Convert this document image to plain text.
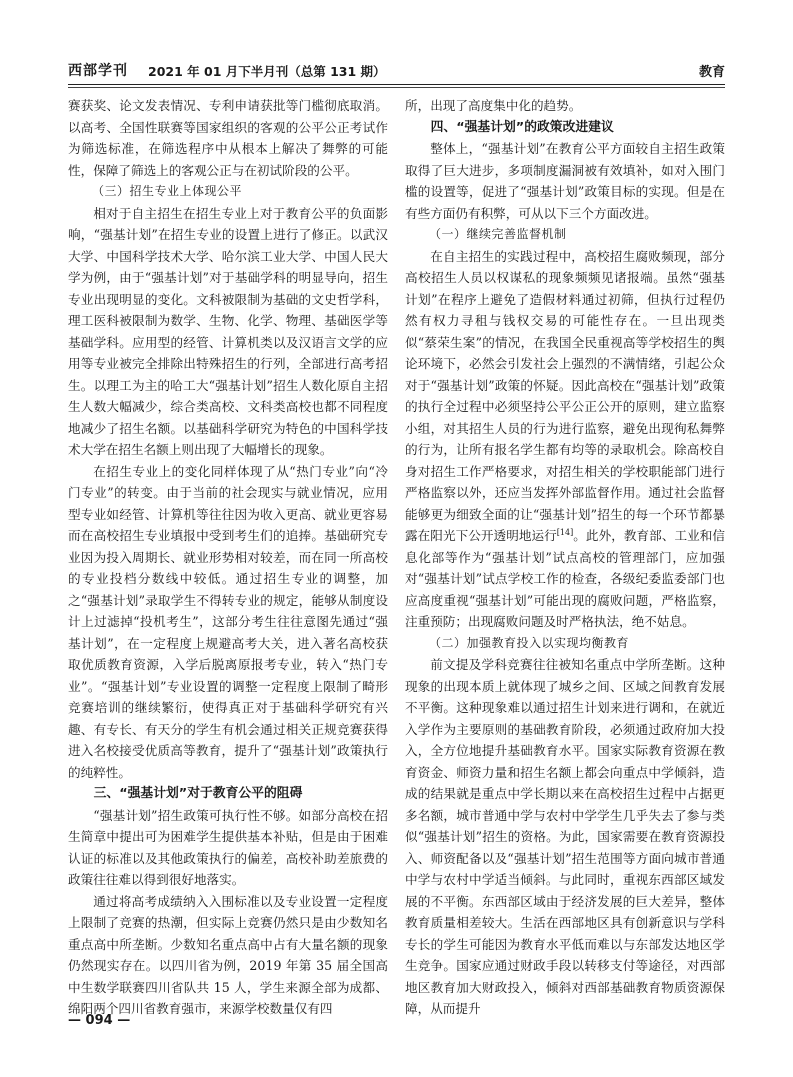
西部学刊 2021 年 01 月下半月刊（总第 131 期）	教育

赛获奖、论文发表情况、专利申请获批等门槛彻底取消。以高考、全国性联赛等国家组织的客观的公平公正考试作为筛选标准，在筛选程序中从根本上解决了舞弊的可能性，保障了筛选上的客观公正与在初试阶段的公平。

（三）招生专业上体现公平

相对于自主招生在招生专业上对于教育公平的负面影响，“强基计划”在招生专业的设置上进行了修正。以武汉大学、中国科学技术大学、哈尔滨工业大学、中国人民大学为例，由于“强基计划”对于基础学科的明显导向，招生专业出现明显的变化。文科被限制为基础的文史哲学科，理工医科被限制为数学、生物、化学、物理、基础医学等基础学科。应用型的经管、计算机类以及汉语言文学的应用等专业被完全排除出特殊招生的行列，全部进行高考招生。以理工为主的哈工大“强基计划”招生人数化原自主招生人数大幅减少，综合类高校、文科类高校也都不同程度地减少了招生名额。以基础科学研究为特色的中国科学技术大学在招生名额上则出现了大幅增长的现象。

在招生专业上的变化同样体现了从“热门专业”向“冷门专业”的转变。由于当前的社会现实与就业情况，应用型专业如经管、计算机等往往因为收入更高、就业更容易而在高校招生专业填报中受到考生们的追捧。基础研究专业因为投入周期长、就业形势相对较差，而在同一所高校的专业投档分数线中较低。通过招生专业的调整，加之“强基计划”录取学生不得转专业的规定，能够从制度设计上过滤掉“投机考生”，这部分考生往往意图先通过“强基计划”，在一定程度上规避高考大关，进入著名高校获取优质教育资源，入学后脱离原报考专业，转入“热门专业”。“强基计划”专业设置的调整一定程度上限制了畸形竞赛培训的继续繁衍，使得真正对于基础科学研究有兴趣、有专长、有天分的学生有机会通过相关正规竞赛获得进入名校接受优质高等教育，提升了“强基计划”政策执行的纯粹性。

三、“强基计划”对于教育公平的阻碍

“强基计划”招生政策可执行性不够。如部分高校在招生简章中提出可为困难学生提供基本补贴，但是由于困难认证的标准以及其他政策执行的偏差，高校补助差旅费的政策往往难以得到很好地落实。

通过将高考成绩纳入入围标准以及专业设置一定程度上限制了竞赛的热潮，但实际上竞赛仍然只是由少数知名重点高中所垄断。少数知名重点高中占有大量名额的现象仍然现实存在。以四川省为例，2019 年第 35 届全国高中生数学联赛四川省队共 15 人，学生来源全部为成都、绵阳两个四川省教育强市，来源学校数量仅有四

所，出现了高度集中化的趋势。

四、“强基计划”的政策改进建议

整体上，“强基计划”在教育公平方面较自主招生政策取得了巨大进步，多项制度漏洞被有效填补，如对入围门槛的设置等，促进了“强基计划”政策目标的实现。但是在有些方面仍有积弊，可从以下三个方面改进。

（一）继续完善监督机制

在自主招生的实践过程中，高校招生腐败频现，部分高校招生人员以权谋私的现象频频见诸报端。虽然“强基计划”在程序上避免了造假材料通过初筛，但执行过程仍然有权力寻租与钱权交易的可能性存在。一旦出现类似“蔡荣生案”的情况，在我国全民重视高等学校招生的舆论环境下，必然会引发社会上强烈的不满情绪，引起公众对于“强基计划”政策的怀疑。因此高校在“强基计划”政策的执行全过程中必须坚持公平公正公开的原则，建立监察小组，对其招生人员的行为进行监察，避免出现徇私舞弊的行为，让所有报名学生都有均等的录取机会。除高校自身对招生工作严格要求，对招生相关的学校职能部门进行严格监察以外，还应当发挥外部监督作用。通过社会监督能够更为细致全面的让“强基计划”招生的每一个环节都暴露在阳光下公开透明地运行[14]。此外，教育部、工业和信息化部等作为“强基计划”试点高校的管理部门，应加强对“强基计划”试点学校工作的检查，各级纪委监委部门也应高度重视“强基计划”可能出现的腐败问题，严格监察，注重预防；出现腐败问题及时严格执法，绝不姑息。

（二）加强教育投入以实现均衡教育

前文提及学科竞赛往往被知名重点中学所垄断。这种现象的出现本质上就体现了城乡之间、区域之间教育发展不平衡。这种现象难以通过招生计划来进行调和，在就近入学作为主要原则的基础教育阶段，必须通过政府加大投入，全方位地提升基础教育水平。国家实际教育资源在教育资金、师资力量和招生名额上都会向重点中学倾斜，造成的结果就是重点中学长期以来在高校招生过程中占据更多名额，城市普通中学与农村中学学生几乎失去了参与类似“强基计划”招生的资格。为此，国家需要在教育资源投入、师资配备以及“强基计划”招生范围等方面向城市普通中学与农村中学适当倾斜。与此同时，重视东西部区域发展的不平衡。东西部区域由于经济发展的巨大差异，整体教育质量相差较大。生活在西部地区具有创新意识与学科专长的学生可能因为教育水平低而难以与东部发达地区学生竞争。国家应通过财政手段以转移支付等途径，对西部地区教育加大财政投入，倾斜对西部基础教育物质资源保障，从而提升

— 094 —
